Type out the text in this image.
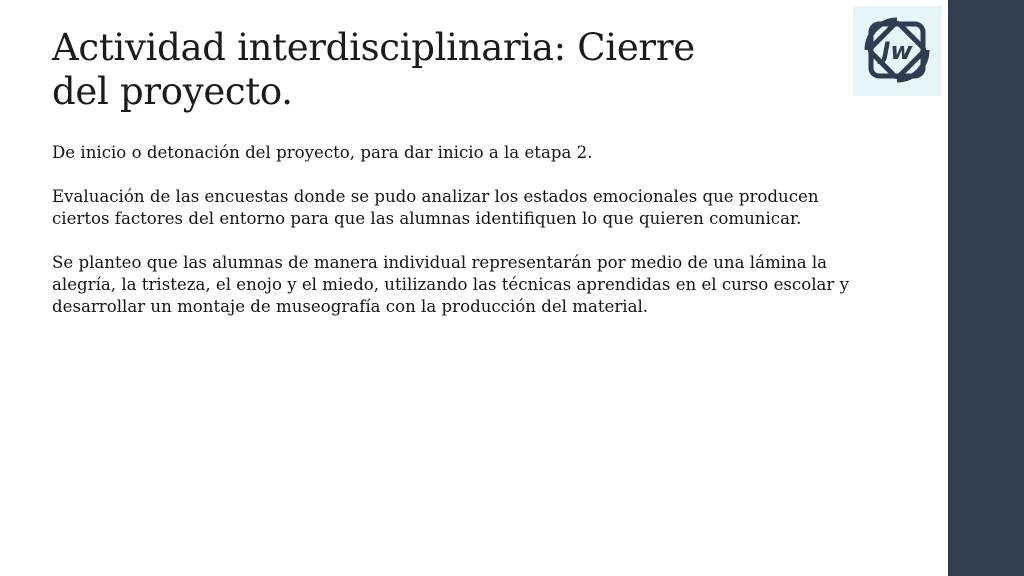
Jw
Actividad interdisciplinaria: Cierre
del proyecto.

De inicio o detonación del proyecto, para dar inicio a la etapa 2.

Evaluación de las encuestas donde se pudo analizar los estados emocionales que producen
ciertos factores del entorno para que las alumnas identifiquen lo que quieren comunicar.

Se planteo que las alumnas de manera individual representarán por medio de una lámina la
alegría, la tristeza, el enojo y el miedo, utilizando las técnicas aprendidas en el curso escolar y
desarrollar un montaje de museografía con la producción del material.
